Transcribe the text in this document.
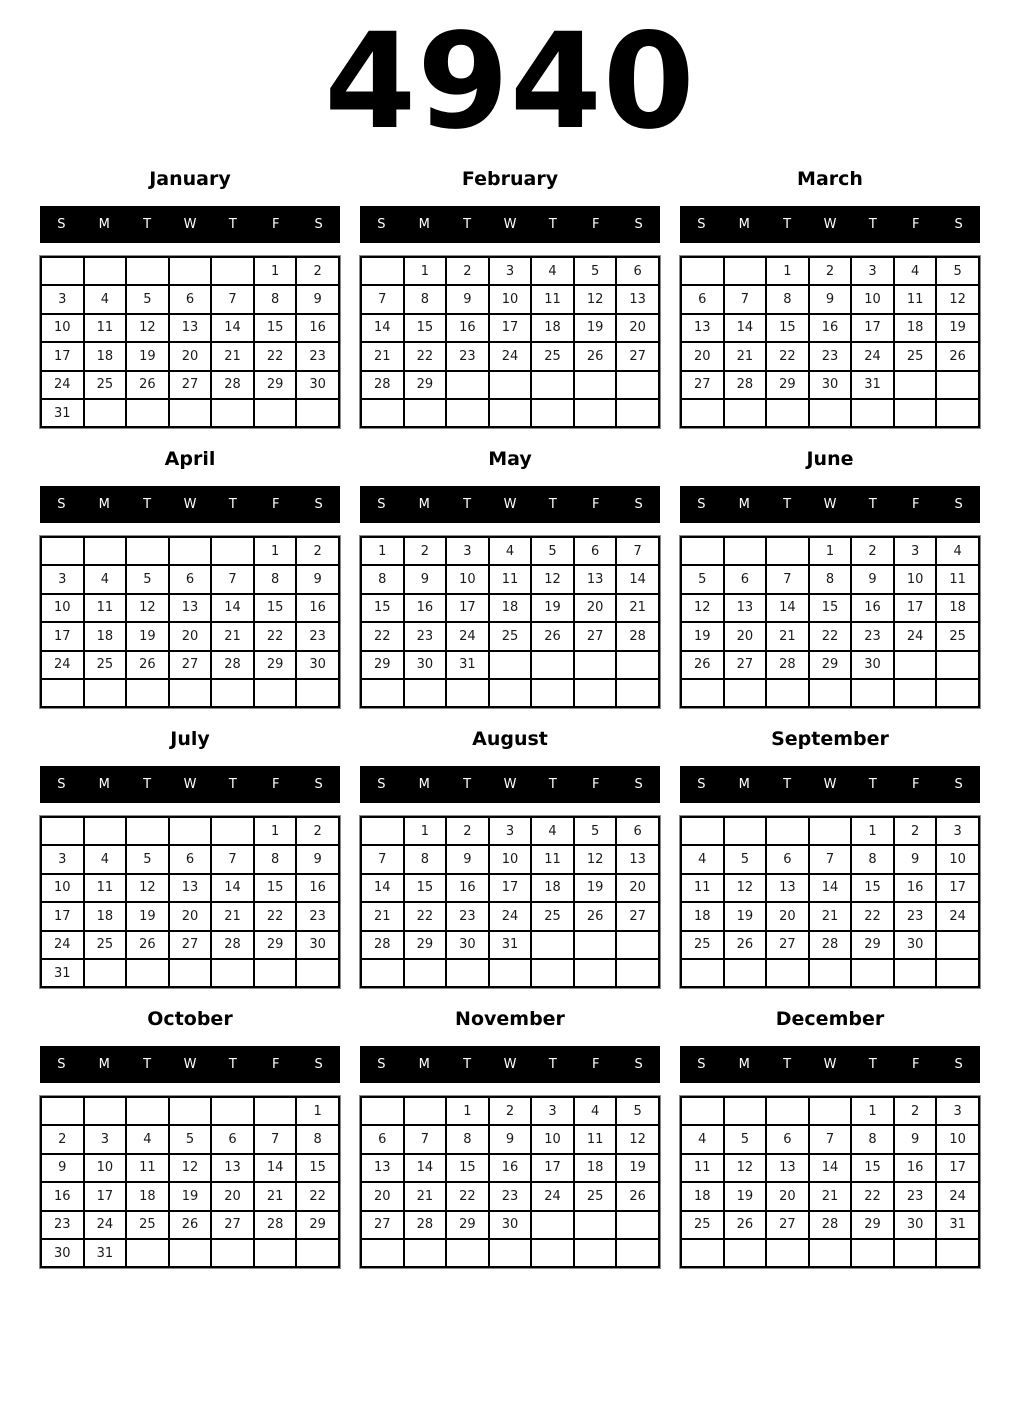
4940
January
S	M	T	W	T	F	S
					1	2
3	4	5	6	7	8	9
10	11	12	13	14	15	16
17	18	19	20	21	22	23
24	25	26	27	28	29	30
31						
February
S	M	T	W	T	F	S
	1	2	3	4	5	6
7	8	9	10	11	12	13
14	15	16	17	18	19	20
21	22	23	24	25	26	27
28	29					

March
S	M	T	W	T	F	S
		1	2	3	4	5
6	7	8	9	10	11	12
13	14	15	16	17	18	19
20	21	22	23	24	25	26
27	28	29	30	31		

April
S	M	T	W	T	F	S
					1	2
3	4	5	6	7	8	9
10	11	12	13	14	15	16
17	18	19	20	21	22	23
24	25	26	27	28	29	30

May
S	M	T	W	T	F	S
1	2	3	4	5	6	7
8	9	10	11	12	13	14
15	16	17	18	19	20	21
22	23	24	25	26	27	28
29	30	31				

June
S	M	T	W	T	F	S
			1	2	3	4
5	6	7	8	9	10	11
12	13	14	15	16	17	18
19	20	21	22	23	24	25
26	27	28	29	30		

July
S	M	T	W	T	F	S
					1	2
3	4	5	6	7	8	9
10	11	12	13	14	15	16
17	18	19	20	21	22	23
24	25	26	27	28	29	30
31						
August
S	M	T	W	T	F	S
	1	2	3	4	5	6
7	8	9	10	11	12	13
14	15	16	17	18	19	20
21	22	23	24	25	26	27
28	29	30	31			

September
S	M	T	W	T	F	S
				1	2	3
4	5	6	7	8	9	10
11	12	13	14	15	16	17
18	19	20	21	22	23	24
25	26	27	28	29	30	

October
S	M	T	W	T	F	S
						1
2	3	4	5	6	7	8
9	10	11	12	13	14	15
16	17	18	19	20	21	22
23	24	25	26	27	28	29
30	31					
November
S	M	T	W	T	F	S
		1	2	3	4	5
6	7	8	9	10	11	12
13	14	15	16	17	18	19
20	21	22	23	24	25	26
27	28	29	30			

December
S	M	T	W	T	F	S
				1	2	3
4	5	6	7	8	9	10
11	12	13	14	15	16	17
18	19	20	21	22	23	24
25	26	27	28	29	30	31
